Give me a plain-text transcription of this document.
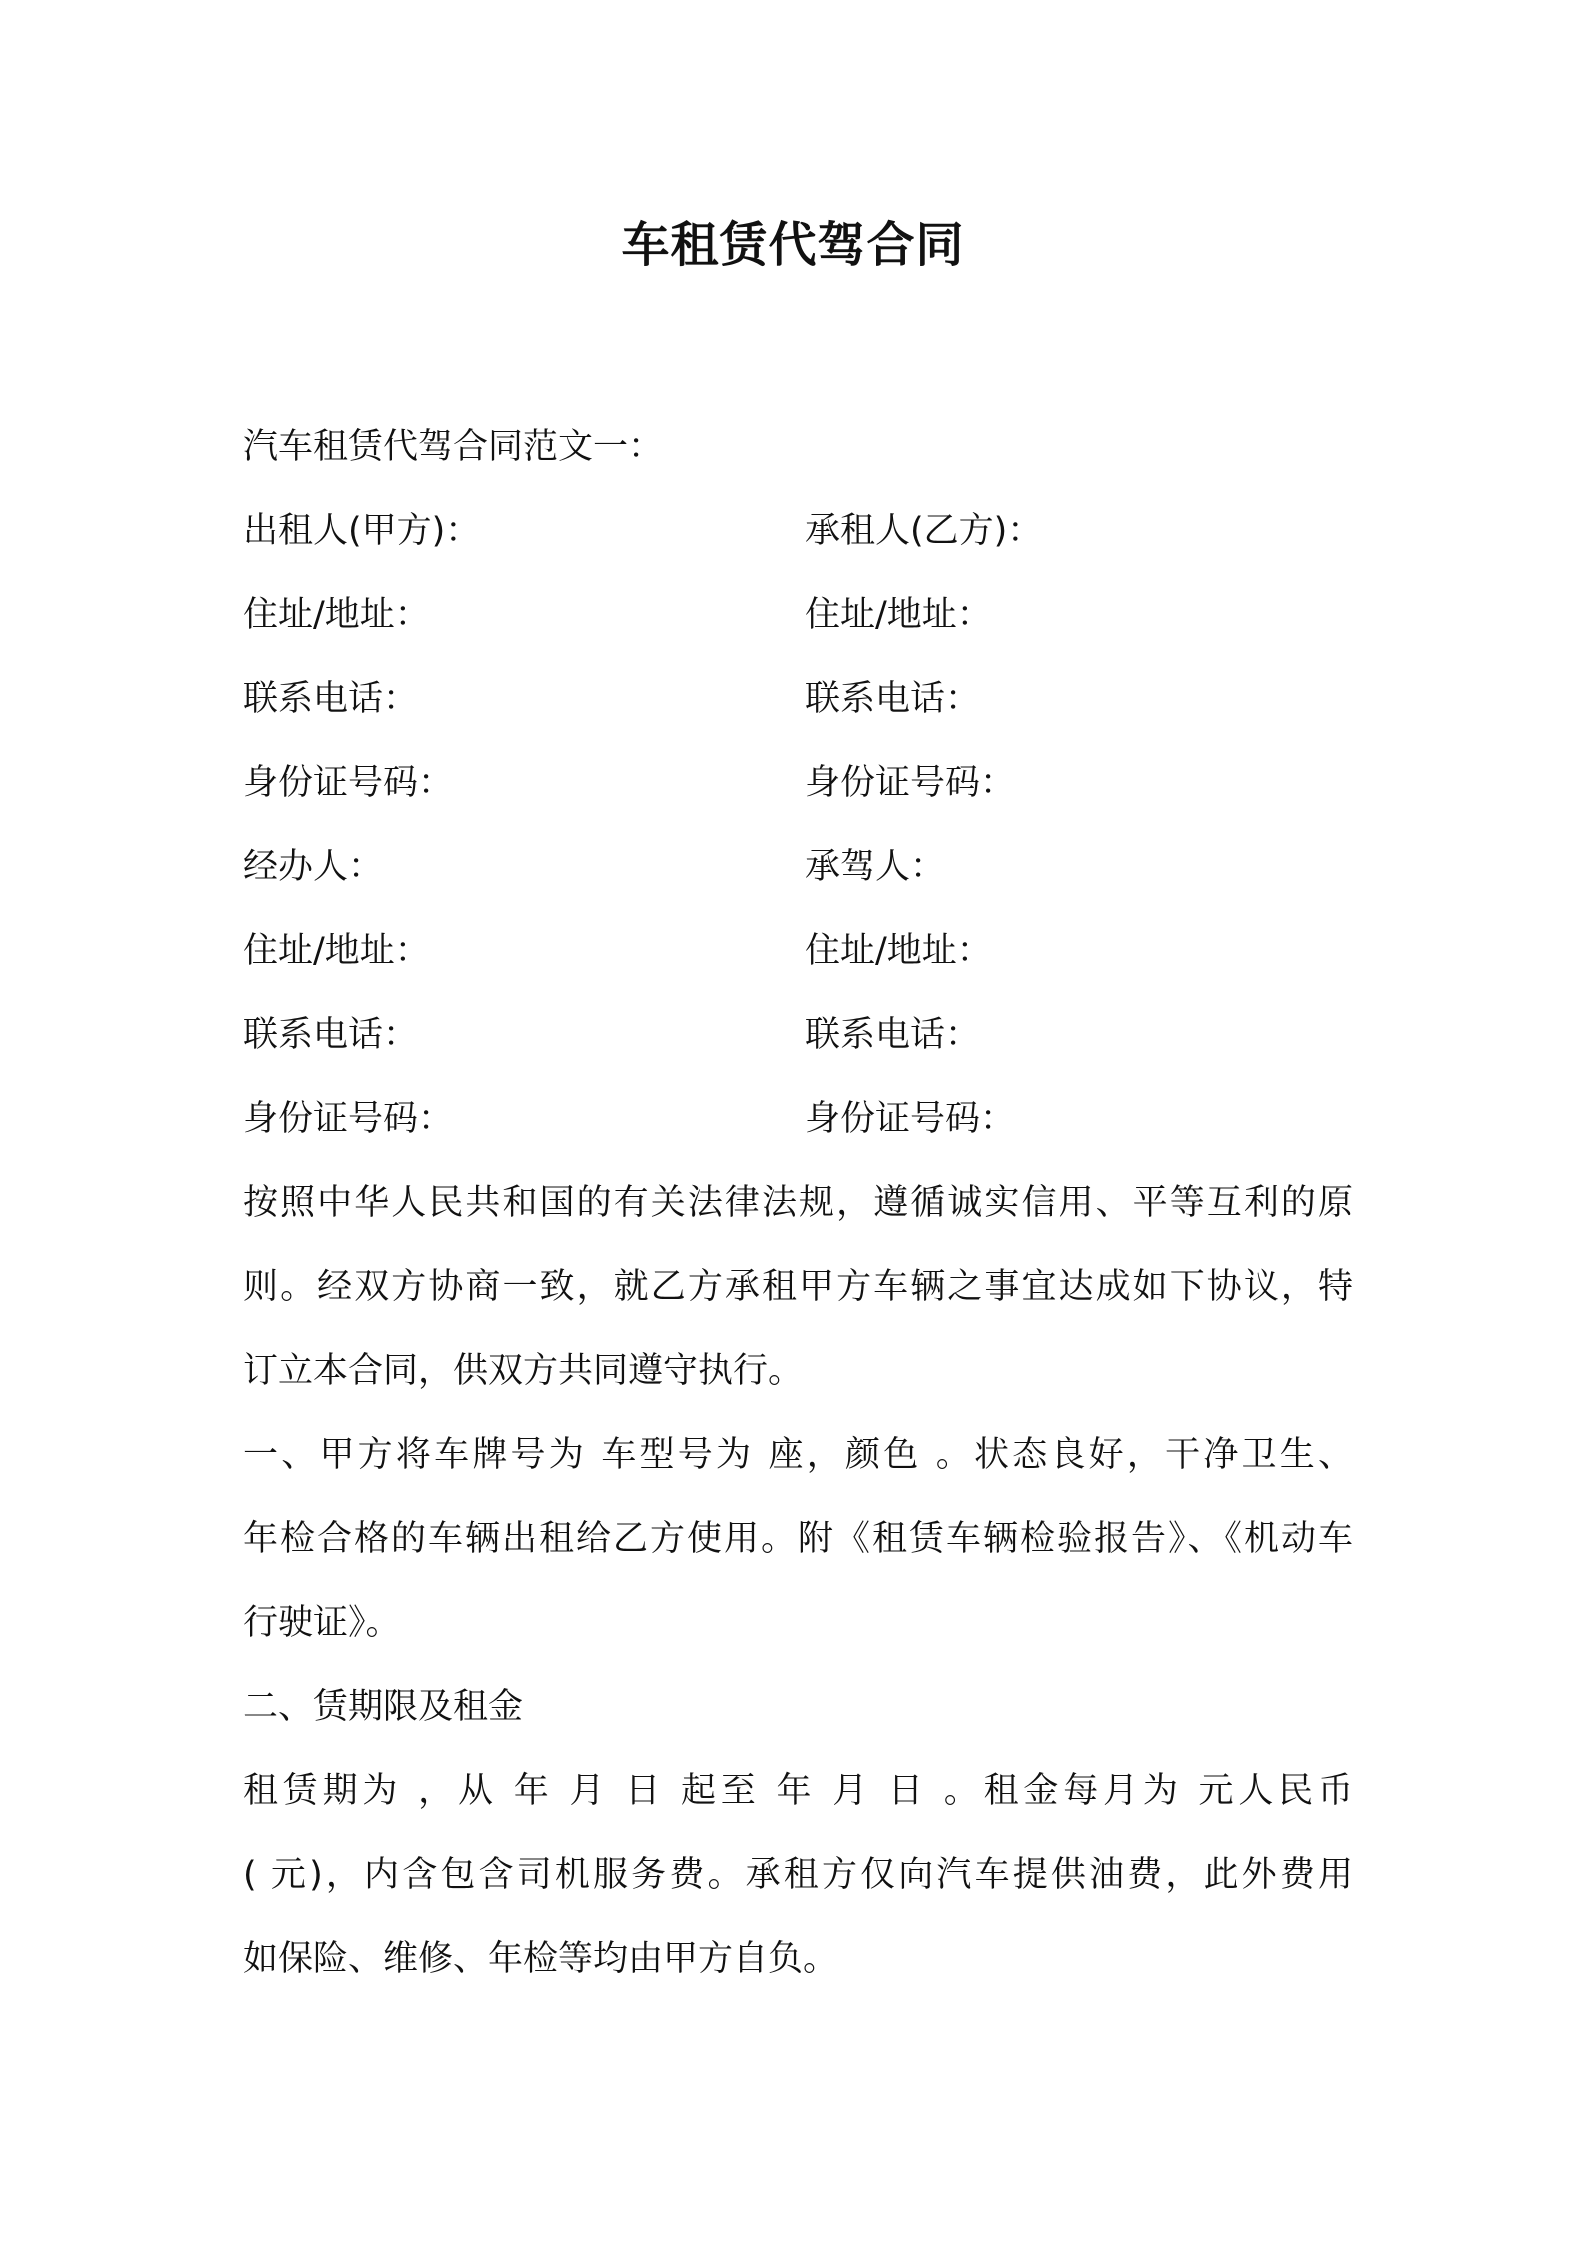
车租赁代驾合同
汽车租赁代驾合同范文一：
出租人(甲方)：	承租人(乙方)：
住址/地址：	住址/地址：
联系电话：	联系电话：
身份证号码：	身份证号码：
经办人：	承驾人：
住址/地址：	住址/地址：
联系电话：	联系电话：
身份证号码：	身份证号码：
按照中华人民共和国的有关法律法规，遵循诚实信用、平等互利的原
则。经双方协商一致，就乙方承租甲方车辆之事宜达成如下协议，特
订立本合同，供双方共同遵守执行。
一、甲方将车牌号为 车型号为 座，颜色 。状态良好，干净卫生、
年检合格的车辆出租给乙方使用。附《租赁车辆检验报告》、《机动车
行驶证》。
二、赁期限及租金
租赁期为 ，从 年 月 日 起至 年 月 日 。租金每月为 元人民币
( 元)，内含包含司机服务费。承租方仅向汽车提供油费，此外费用
如保险、维修、年检等均由甲方自负。
